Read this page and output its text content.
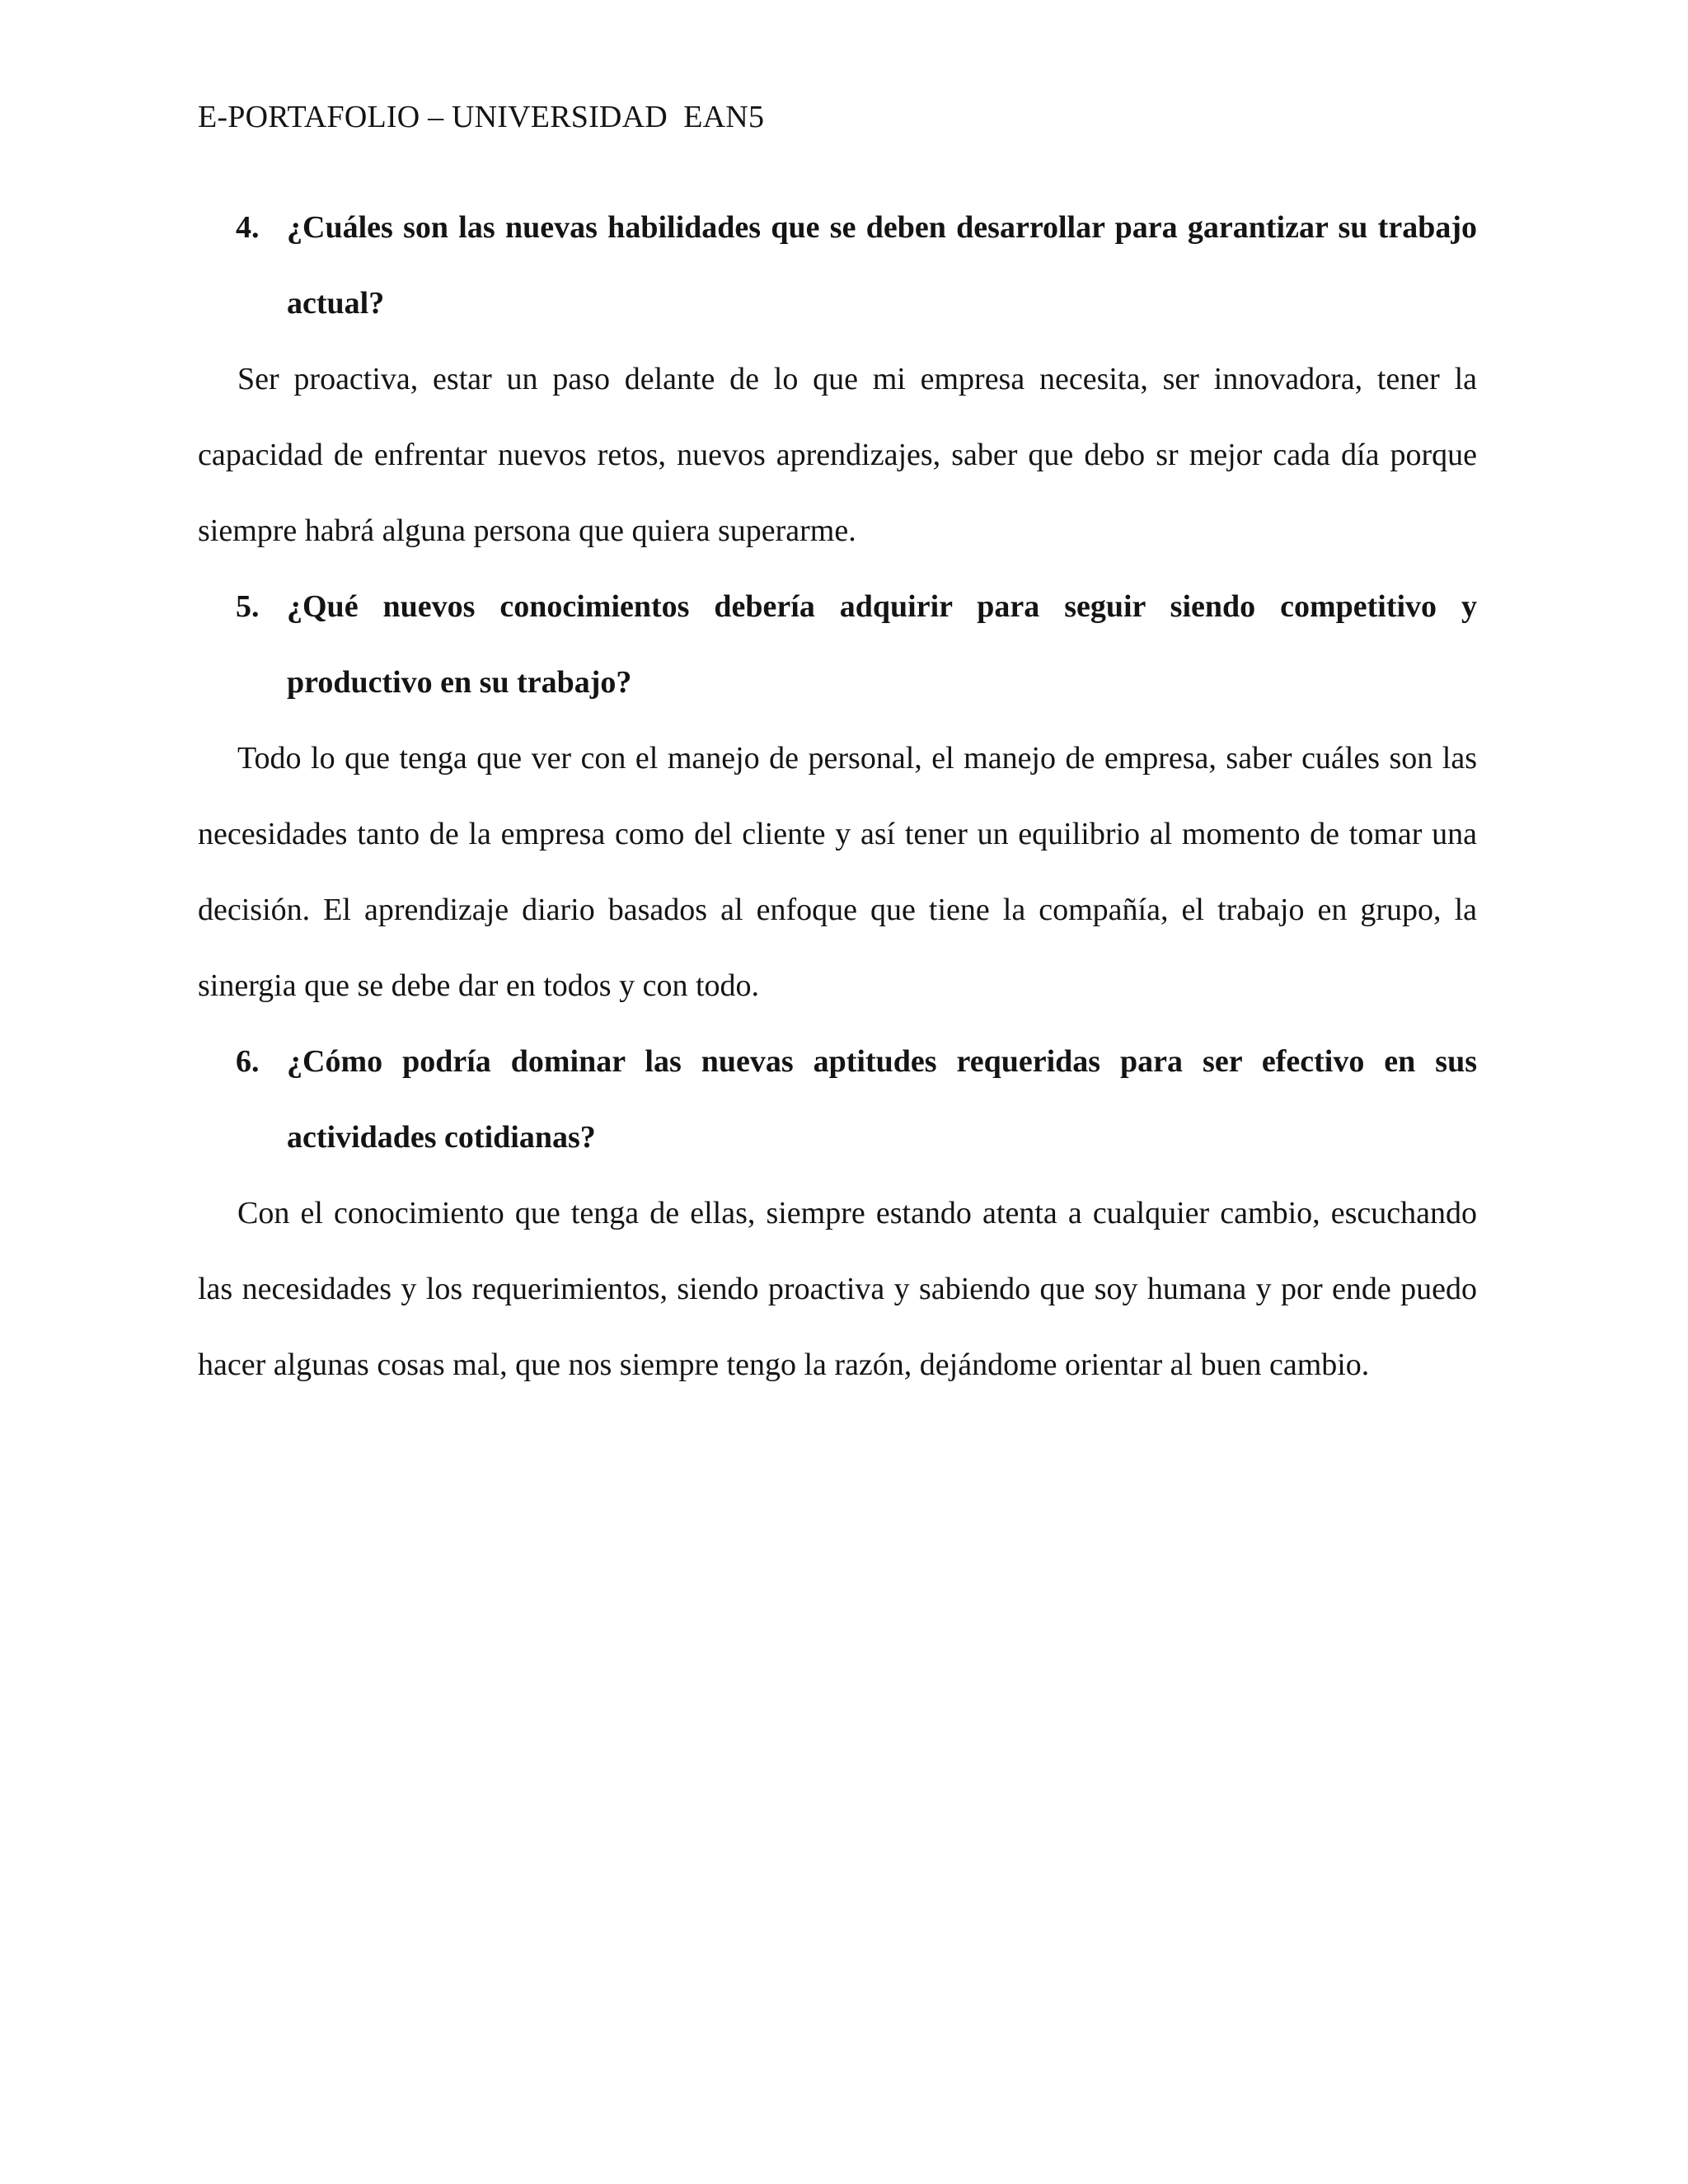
E-PORTAFOLIO – UNIVERSIDAD  EAN5
4. ¿Cuáles son las nuevas habilidades que se deben desarrollar para garantizar su trabajo actual?

Ser proactiva, estar un paso delante de lo que mi empresa necesita, ser innovadora, tener la capacidad de enfrentar nuevos retos, nuevos aprendizajes, saber que debo sr mejor cada día porque siempre habrá alguna persona que quiera superarme.

5. ¿Qué nuevos conocimientos debería adquirir para seguir siendo competitivo y productivo en su trabajo?

Todo lo que tenga que ver con el manejo de personal, el manejo de empresa, saber cuáles son las necesidades tanto de la empresa como del cliente y así tener un equilibrio al momento de tomar una decisión. El aprendizaje diario basados al enfoque que tiene la compañía, el trabajo en grupo, la sinergia que se debe dar en todos y con todo.

6. ¿Cómo podría dominar las nuevas aptitudes requeridas para ser efectivo en sus actividades cotidianas?

Con el conocimiento que tenga de ellas, siempre estando atenta a cualquier cambio, escuchando las necesidades y los requerimientos, siendo proactiva y sabiendo que soy humana y por ende puedo hacer algunas cosas mal, que nos siempre tengo la razón, dejándome orientar al buen cambio.
